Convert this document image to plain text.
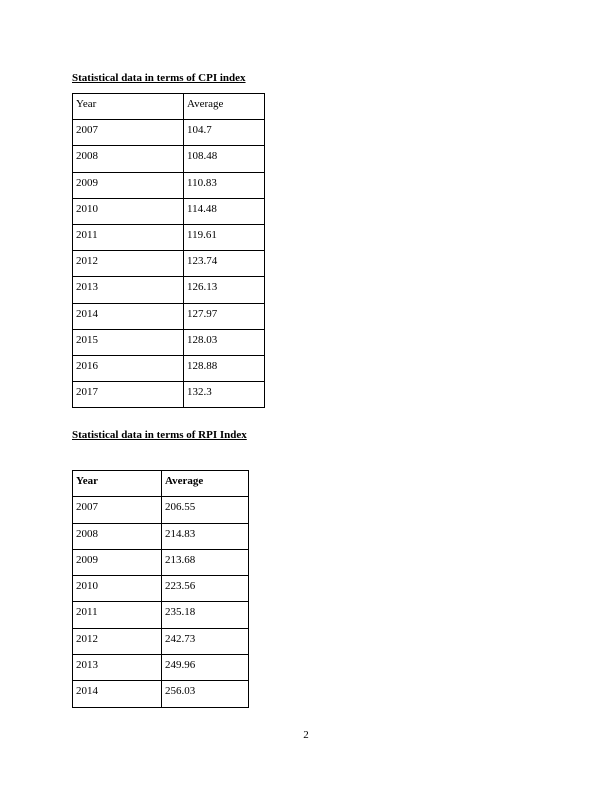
Statistical data in terms of CPI index
Year	Average
2007	104.7
2008	108.48
2009	110.83
2010	114.48
2011	119.61
2012	123.74
2013	126.13
2014	127.97
2015	128.03
2016	128.88
2017	132.3
Statistical data in terms of RPI Index
Year	Average
2007	206.55
2008	214.83
2009	213.68
2010	223.56
2011	235.18
2012	242.73
2013	249.96
2014	256.03

2
